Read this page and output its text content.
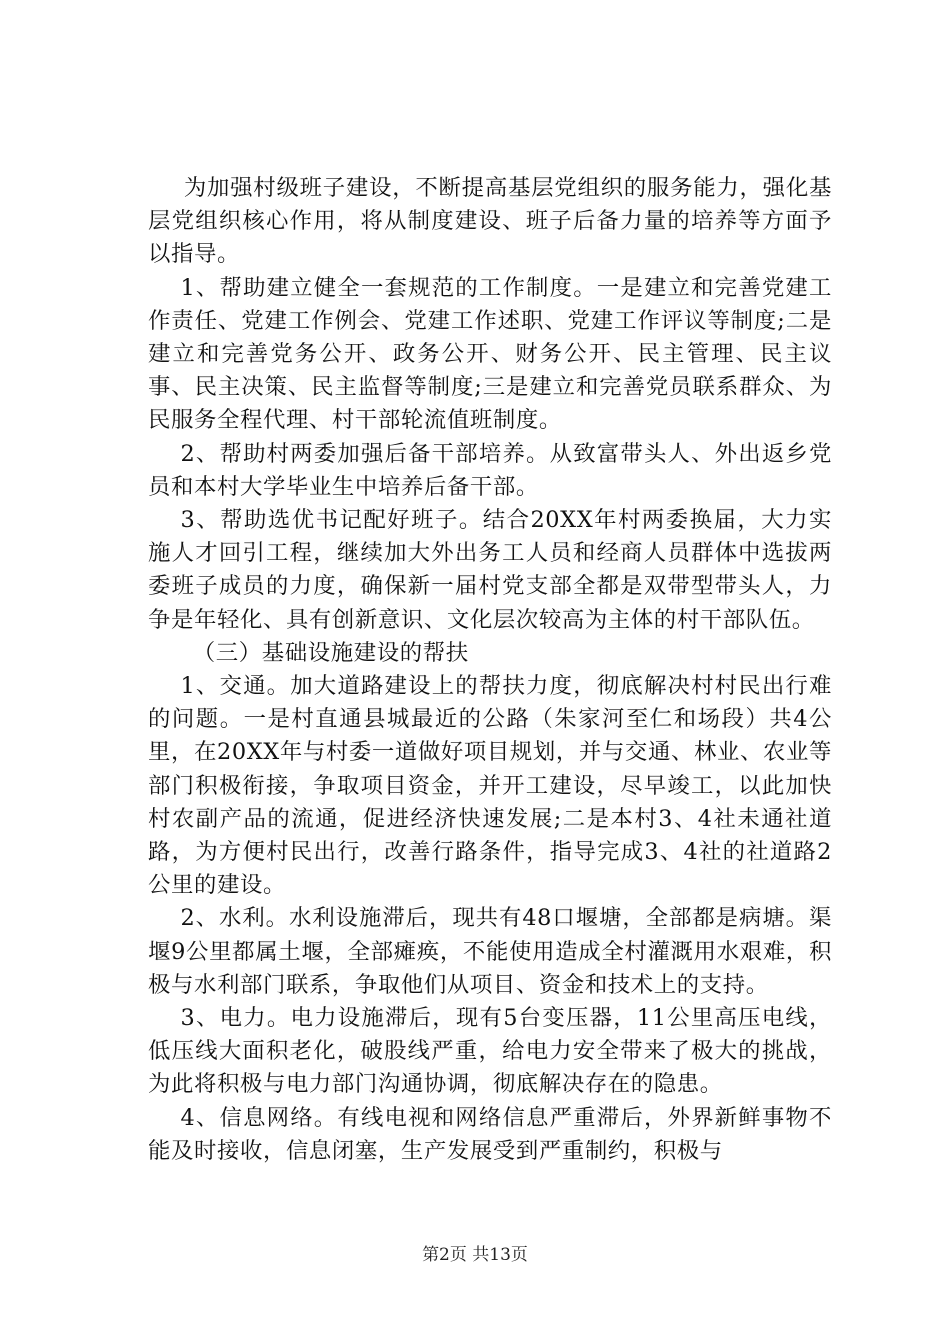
为加强村级班子建设，不断提高基层党组织的服务能力，强化基层党组织核心作用，将从制度建设、班子后备力量的培养等方面予以指导。

1、帮助建立健全一套规范的工作制度。一是建立和完善党建工作责任、党建工作例会、党建工作述职、党建工作评议等制度;二是建立和完善党务公开、政务公开、财务公开、民主管理、民主议事、民主决策、民主监督等制度;三是建立和完善党员联系群众、为民服务全程代理、村干部轮流值班制度。

2、帮助村两委加强后备干部培养。从致富带头人、外出返乡党员和本村大学毕业生中培养后备干部。

3、帮助选优书记配好班子。结合20XX年村两委换届，大力实施人才回引工程，继续加大外出务工人员和经商人员群体中选拔两委班子成员的力度，确保新一届村党支部全都是双带型带头人，力争是年轻化、具有创新意识、文化层次较高为主体的村干部队伍。

（三）基础设施建设的帮扶

1、交通。加大道路建设上的帮扶力度，彻底解决村村民出行难的问题。一是村直通县城最近的公路（朱家河至仁和场段）共4公里，在20XX年与村委一道做好项目规划，并与交通、林业、农业等部门积极衔接，争取项目资金，并开工建设，尽早竣工，以此加快村农副产品的流通，促进经济快速发展;二是本村3、4社未通社道路，为方便村民出行，改善行路条件，指导完成3、4社的社道路2公里的建设。

2、水利。水利设施滞后，现共有48口堰塘，全部都是病塘。渠堰9公里都属土堰，全部瘫痪，不能使用造成全村灌溉用水艰难，积极与水利部门联系，争取他们从项目、资金和技术上的支持。

3、电力。电力设施滞后，现有5台变压器，11公里高压电线，低压线大面积老化，破股线严重，给电力安全带来了极大的挑战，为此将积极与电力部门沟通协调，彻底解决存在的隐患。

4、信息网络。有线电视和网络信息严重滞后，外界新鲜事物不能及时接收，信息闭塞，生产发展受到严重制约，积极与

第2页 共13页
